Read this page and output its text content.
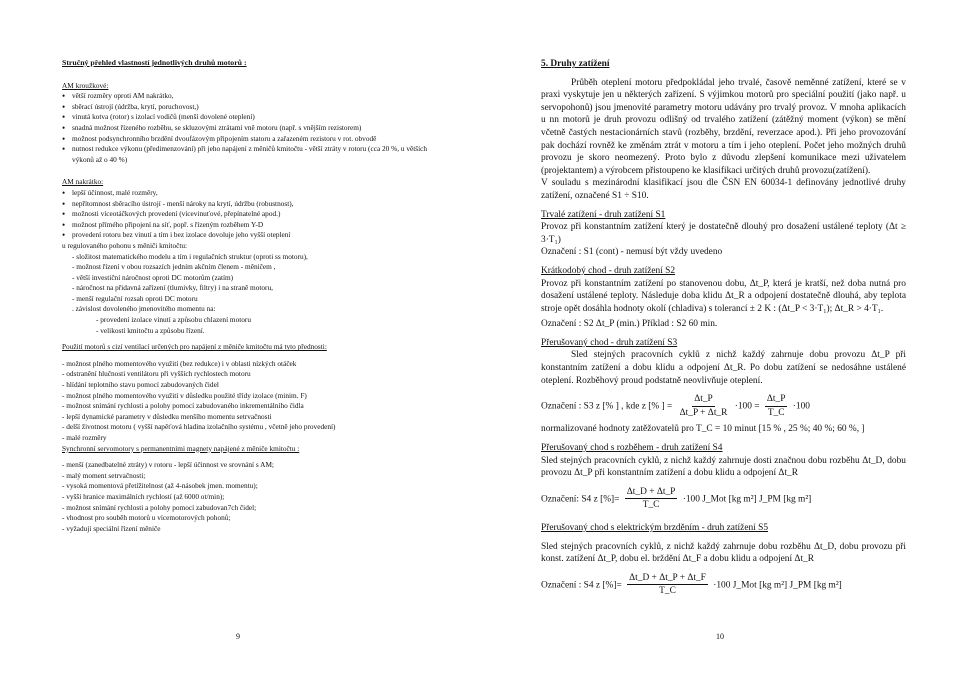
Stručný přehled vlastností jednotlivých druhů motorů :

AM kroužkové:

• větší rozměry oproti AM nakrátko,
• sběrací ústrojí (údržba, krytí, poruchovost,)
• vinutá kotva (rotor) s izolací vodičů (menší dovolené oteplení)
• snadná možnost řízeného rozběhu, se skluzovými ztrátami vně motoru (např. s vnějším rezistorem)
• možnost podsynchronního brzdění dvoufázovým připojením statoru a zařazeném rezistoru v rot. obvodě
• nutnost redukce výkonu (předimenzování) při jeho napájení z měničů kmitočtu - větší ztráty v rotoru (cca 20 %, u větších výkonů až o 40 %)

AM nakrátko:

• lepší účinnost, malé rozměry,
• nepřítomnost sběracího ústrojí - menší nároky na krytí, údržbu (robustnost),
• možnosti víceotáčkových provedení (vícevinuťové, přepínatelné apod.)
• možnost přímého připojení na síť, popř. s řízeným rozběhem Y-D
• provedení rotoru bez vinutí a tím i bez izolace dovoluje jeho vyšší oteplení

u regulovaného pohonu s měniči kmitočtu:

- složitost matematického modelu a tím i regulačních struktur (oproti ss motoru),

- možnost řízení v obou rozsazích jedním akčním členem - měničem ,

- větší investiční náročnost oproti DC motorům (zatím)

- náročnost na přidavná zařízení (tlumivky, filtry) i na straně motoru,

- menší regulační rozsah oproti DC motoru

. závislost dovoleného jmenovitého momentu na:

- provedení izolace vinutí a způsobu chlazení motoru

- velikosti kmitočtu a způsobu řízení.

Použití motorů s cizí ventilací určených pro napájení z měniče kmitočtu má tyto přednosti:

- možnost plného momentového využití (bez redukce) i v oblasti nízkých otáček

- odstranění hlučnosti ventilátoru při vyšších rychlostech motoru

- hlídání teplotního stavu pomocí zabudovaných čidel

- možnost plného momentového využití v důsledku použité třídy izolace (minim. F)

- možnost snímání rychlosti a polohy pomocí zabudovaného inkrementálního čidla

- lepší dynamické parametry v důsledku menšího momentu setrvačnosti

- delší životnost motoru ( vyšší napěťová hladina izolačního systému , včetně jeho provedení)

- malé rozměry

Synchronní servomotory s permanentními magnety napájené z měniče kmitočtu :

- menší (zanedbatelné ztráty) v rotoru - lepší účinnost ve srovnání s AM;

- malý moment setrvačnosti;

- vysoká momentová přetížitelnost (až 4-násobek jmen. momentu);

- vyšší hranice maximálních rychlostí (až 6000 ot/min);

- možnost snímání rychlosti a polohy pomocí zabudovan7ch čidel;

- vhodnost pro souběh motorů u vícemotorových pohonů;

- vyžadují speciální řízení měniče

9	10

5. Druhy zatížení

Průběh oteplení motoru předpokládal jeho trvalé, časově neměnné zatížení, které se v praxi vyskytuje jen u některých zařízení. S výjimkou motorů pro speciální použití (jako např. u servopohonů) jsou jmenovité parametry motoru udávány pro trvalý provoz. V mnoha aplikacích u nn motorů je druh provozu odlišný od trvalého zatížení (zátěžný moment (výkon) se mění včetně častých nestacionárních stavů (rozběhy, brzdění, reverzace apod.). Při jeho provozování pak dochází rovněž ke změnám ztrát v motoru a tím i jeho oteplení. Počet jeho možných druhů provozu je skoro neomezený. Proto bylo z důvodu zlepšení komunikace mezi uživatelem (projektantem) a výrobcem přistoupeno ke klasifikaci určitých druhů provozu(zatížení).

V souladu s mezinárodní klasifikací jsou dle ČSN EN 60034-1 definovány jednotlivé druhy zatížení, označené S1 ÷ S10.

Trvalé zatížení - druh zatížení S1

Provoz při konstantním zatížení který je dostatečně dlouhý pro dosažení ustálené teploty (Δt ≥ 3·T₁)

Označení : S1 (cont) - nemusí být vždy uvedeno

Krátkodobý chod - druh zatížení S2

Provoz při konstantním zatížení po stanovenou dobu, Δt_P, která je kratší, než doba nutná pro dosažení ustálené teploty. Následuje doba klidu Δt_R a odpojení dostatečně dlouhá, aby teplota stroje opět dosáhla hodnoty okolí (chladiva) s tolerancí ± 2 K : (Δt_P < 3·T₁); Δt_R > 4·T₁.

Označení : S2 Δt_P (min.) Příklad : S2 60 min.

Přerušovaný chod - druh zatížení S3

Sled stejných pracovních cyklů z nichž každý zahrnuje dobu provozu Δt_P při konstantním zatížení a dobu klidu a odpojení Δt_R. Po dobu zatížení se nedosáhne ustálené oteplení. Rozběhový proud podstatně neovlivňuje oteplení.

Označení : S3 z [% ] , kde z [% ] = $\frac{\Delta t\_P}{\Delta t\_P + \Delta t\_R} \cdot 100 = \frac{\Delta t\_P}{T\_C} \cdot 100$

normalizované hodnoty zatěžovatelů pro T_C = 10 minut [15 % , 25 %; 40 %; 60 %, ]

Přerušovaný chod s rozběhem - druh zatížení S4

Sled stejných pracovních cyklů, z nichž každý zahrnuje dosti značnou dobu rozběhu Δt_D, dobu provozu Δt_P při konstantním zatížení a dobu klidu a odpojení Δt_R

Označení: S4 z [%]= $\frac{\Delta t\_D + \Delta t\_P}{T\_C} \cdot 100$ J_Mot [kg m²] J_PM [kg m²]

Přerušovaný chod s elektrickým brzděním - druh zatížení S5

Sled stejných pracovních cyklů, z nichž každý zahrnuje dobu rozběhu Δt_D, dobu provozu při konst. zatížení Δt_P, dobu el. brždění Δt_F a dobu klidu a odpojení Δt_R

Označení : S4 z [%]= $\frac{\Delta t\_D + \Delta t\_P + \Delta t\_F}{T\_C} \cdot 100$ J_Mot [kg m²] J_PM [kg m²]
